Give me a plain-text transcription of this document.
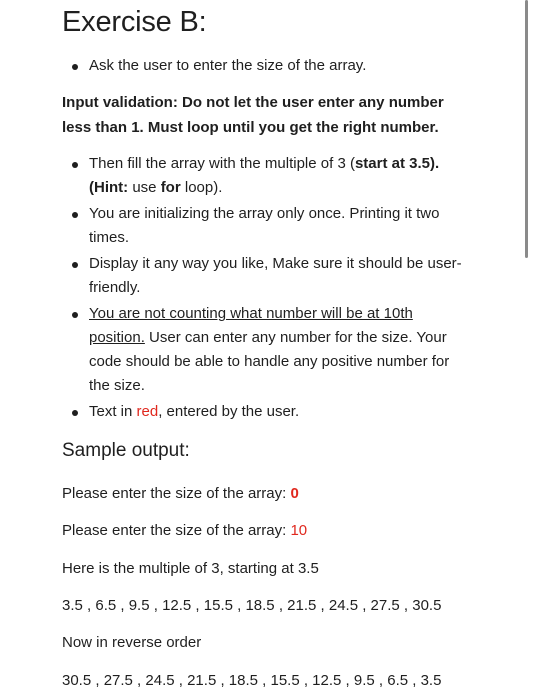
Exercise B:
Ask the user to enter the size of the array.
Input validation: Do not let the user enter any number
less than 1. Must loop until you get the right number.
Then fill the array with the multiple of 3 (start at 3.5). (Hint: use for loop).
You are initializing the array only once. Printing it two times.
Display it any way you like, Make sure it should be user-friendly.
You are not counting what number will be at 10th position. User can enter any number for the size. Your code should be able to handle any positive number for the size.
Text in red, entered by the user.
Sample output:
Please enter the size of the array: 0
Please enter the size of the array: 10
Here is the multiple of 3, starting at 3.5
3.5 , 6.5 , 9.5 , 12.5 , 15.5 , 18.5 , 21.5 , 24.5 , 27.5 , 30.5
Now in reverse order
30.5 , 27.5 , 24.5 , 21.5 , 18.5 , 15.5 , 12.5 , 9.5 , 6.5 , 3.5
